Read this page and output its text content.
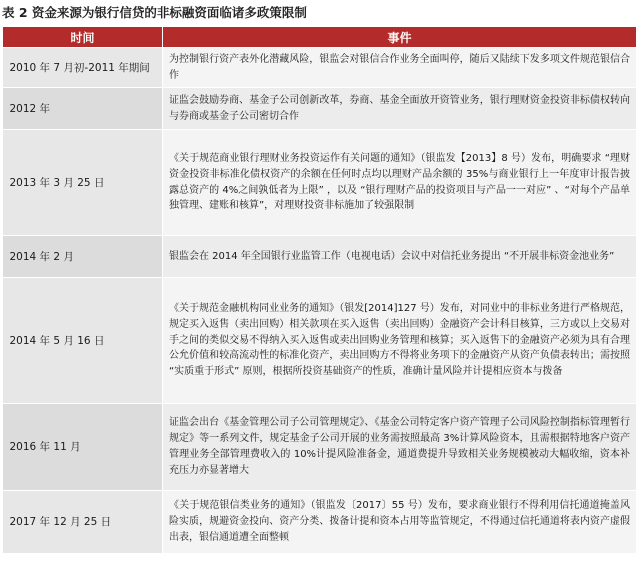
表 2 资金来源为银行信贷的非标融资面临诸多政策限制
时间	事件
2010 年 7 月初-2011 年期间	为控制银行资产表外化潜藏风险，银监会对银信合作业务全面叫停，随后又陆续下发多项文件规范银信合作
2012 年	证监会鼓励券商、基金子公司创新改革，券商、基金全面放开资管业务，银行理财资金投资非标债权转向与券商或基金子公司密切合作
2013 年 3 月 25 日	《关于规范商业银行理财业务投资运作有关问题的通知》（银监发【2013】8 号）发布，明确要求 “理财资金投资非标准化债权资产的余额在任何时点均以理财产品余额的 35%与商业银行上一年度审计报告披露总资产的 4%之间孰低者为上限” ，以及 “银行理财产品的投资项目与产品一一对应” 、“对每个产品单独管理、建账和核算”，对理财投资非标施加了较强限制
2014 年 2 月	银监会在 2014 年全国银行业监管工作（电视电话）会议中对信托业务提出 “不开展非标资金池业务”
2014 年 5 月 16 日	《关于规范金融机构同业业务的通知》（银发[2014]127 号）发布，对同业中的非标业务进行严格规范，规定买入返售（卖出回购）相关款项在买入返售（卖出回购）金融资产会计科目核算，三方或以上交易对手之间的类似交易不得纳入买入返售或卖出回购业务管理和核算；买入返售下的金融资产必须为具有合理公允价值和较高流动性的标准化资产，卖出回购方不得将业务项下的金融资产从资产负债表转出；需按照 “实质重于形式” 原则，根据所投资基础资产的性质，准确计量风险并计提相应资本与拨备
2016 年 11 月	证监会出台《基金管理公司子公司管理规定》、《基金公司特定客户资产管理子公司风险控制指标管理暂行规定》等一系列文件，规定基金子公司开展的业务需按照最高 3%计算风险资本，且需根据特地客户资产管理业务全部管理费收入的 10%计提风险准备金，通道费提升导致相关业务规模被动大幅收缩，资本补充压力亦显著增大
2017 年 12 月 25 日	《关于规范银信类业务的通知》（银监发〔2017〕55 号）发布，要求商业银行不得利用信托通道掩盖风险实质，规避资金投向、资产分类、拨备计提和资本占用等监管规定，不得通过信托通道将表内资产虚假出表，银信通道遭全面整顿
